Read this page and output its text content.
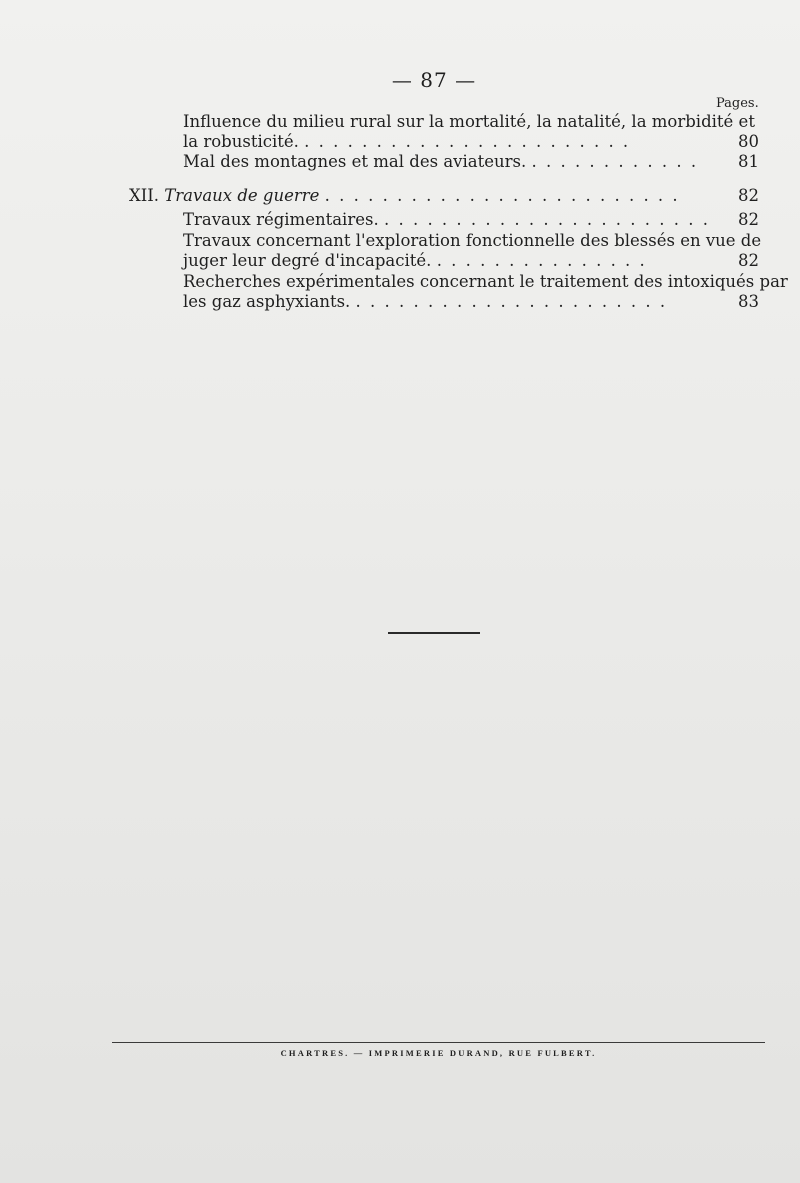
— 87 —
Pages.
Influence du milieu rural sur la mortalité, la natalité, la morbidité et
la robusticité. . . . . . . . . . . . . . . . . . . . . . . .	80
Mal des montagnes et mal des aviateurs. . . . . . . . . . . . . 81
XII. Travaux de guerre . . . . . . . . . . . . . . . . . . . . . . . . .	82
Travaux régimentaires. . . . . . . . . . . . . . . . . . . . . . . . 82
Travaux concernant l'exploration fonctionnelle des blessés en vue de
juger leur degré d'incapacité. . . . . . . . . . . . . . . .	82
Recherches expérimentales concernant le traitement des intoxiqués par
les gaz asphyxiants. . . . . . . . . . . . . . . . . . . . . . .	83
CHARTRES. — IMPRIMERIE DURAND, RUE FULBERT.
